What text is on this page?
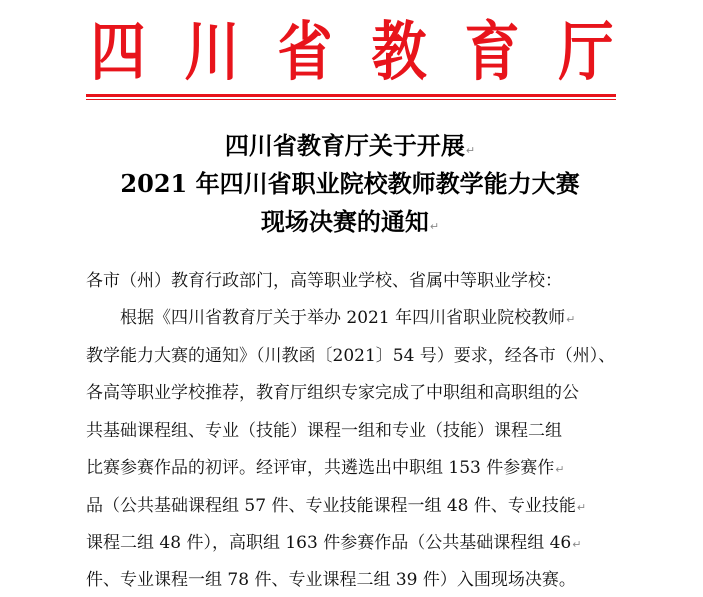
四 川 省 教 育 厅
四川省教育厅关于开展↵
2021 年四川省职业院校教师教学能力大赛
现场决赛的通知↵
各市（州）教育行政部门，高等职业学校、省属中等职业学校：
　　根据《四川省教育厅关于举办 2021 年四川省职业院校教师↵
教学能力大赛的通知》（川教函〔2021〕54 号）要求，经各市（州）、
各高等职业学校推荐，教育厅组织专家完成了中职组和高职组的公
共基础课程组、专业（技能）课程一组和专业（技能）课程二组
比赛参赛作品的初评。经评审，共遴选出中职组 153 件参赛作↵
品（公共基础课程组 57 件、专业技能课程一组 48 件、专业技能↵
课程二组 48 件），高职组 163 件参赛作品（公共基础课程组 46↵
件、专业课程一组 78 件、专业课程二组 39 件）入围现场决赛。
